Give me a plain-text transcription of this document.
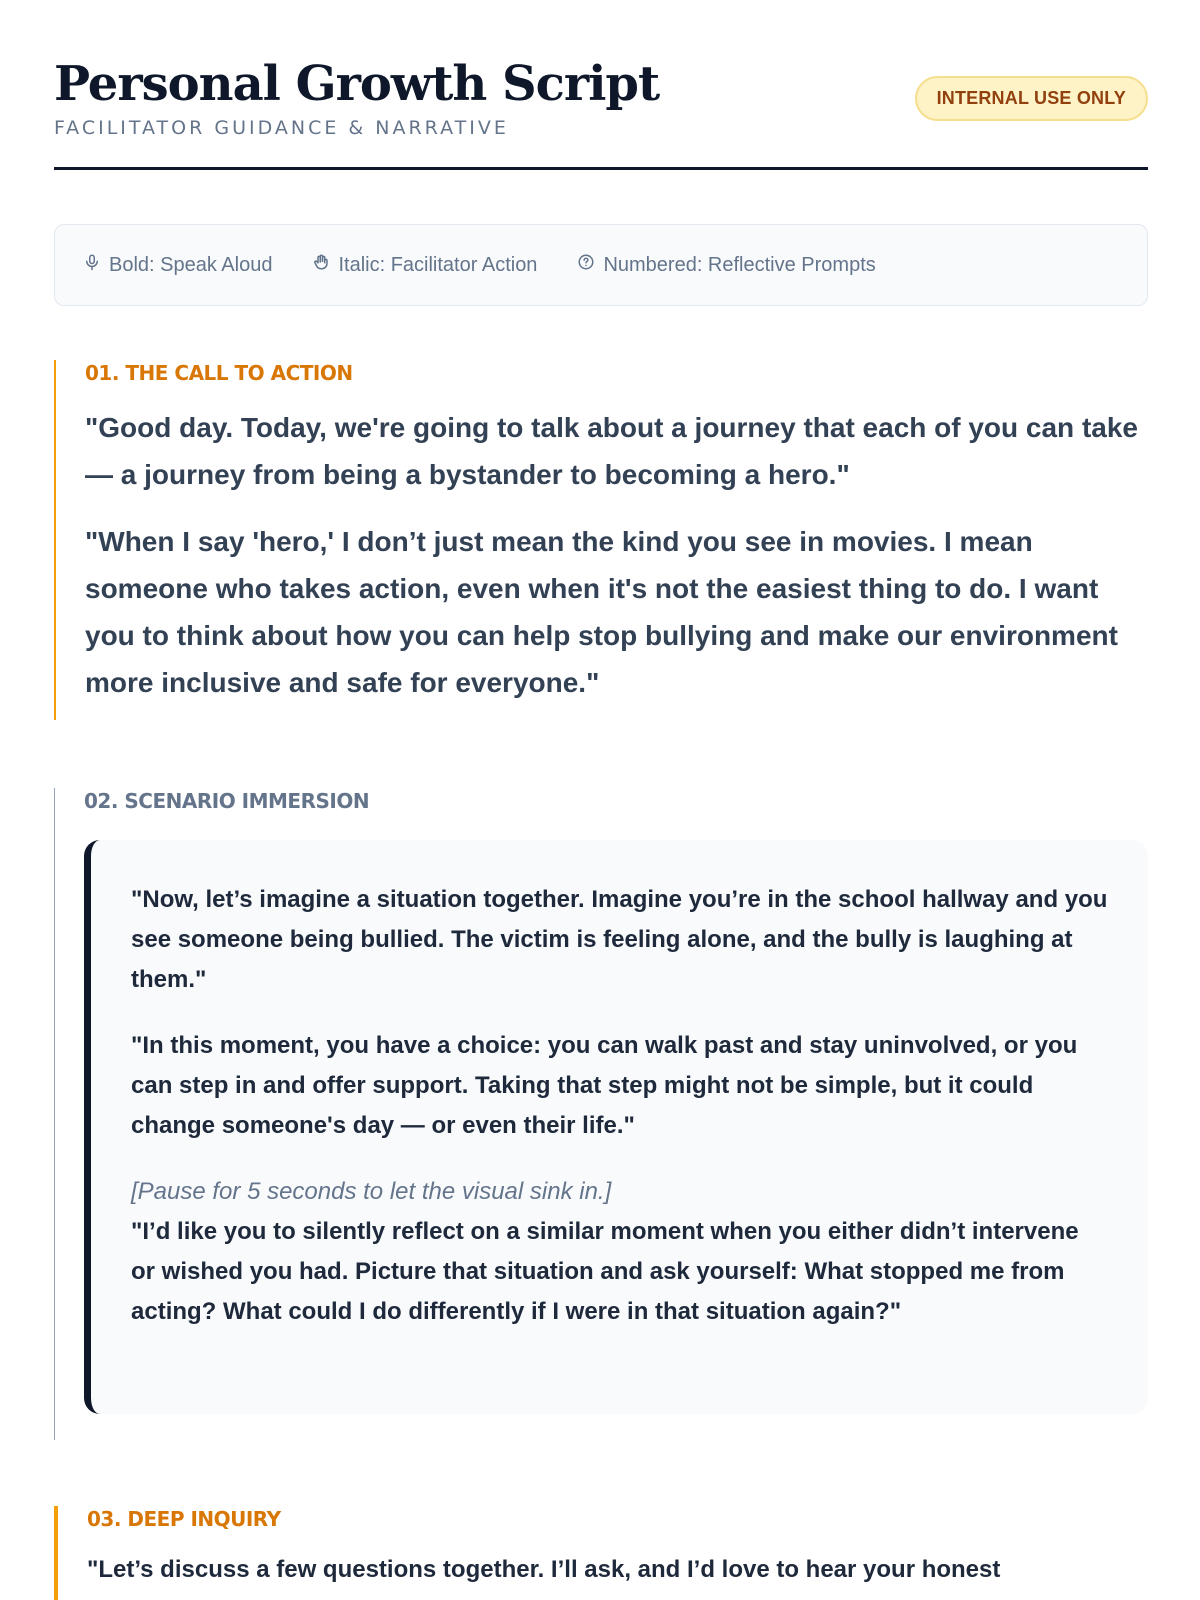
Personal Growth Script
FACILITATOR GUIDANCE & NARRATIVE
INTERNAL USE ONLY
Bold: Speak Aloud	Italic: Facilitator Action	Numbered: Reflective Prompts
01. THE CALL TO ACTION

"Good day. Today, we're going to talk about a journey that each of you can take — a journey from being a bystander to becoming a hero."

"When I say 'hero,' I don’t just mean the kind you see in movies. I mean someone who takes action, even when it's not the easiest thing to do. I want you to think about how you can help stop bullying and make our environment more inclusive and safe for everyone."

02. SCENARIO IMMERSION

"Now, let’s imagine a situation together. Imagine you’re in the school hallway and you see someone being bullied. The victim is feeling alone, and the bully is laughing at them."

"In this moment, you have a choice: you can walk past and stay uninvolved, or you can step in and offer support. Taking that step might not be simple, but it could change someone's day — or even their life."

[Pause for 5 seconds to let the visual sink in.]

"I’d like you to silently reflect on a similar moment when you either didn’t intervene or wished you had. Picture that situation and ask yourself: What stopped me from acting? What could I do differently if I were in that situation again?"

03. DEEP INQUIRY

"Let’s discuss a few questions together. I’ll ask, and I’d love to hear your honest
